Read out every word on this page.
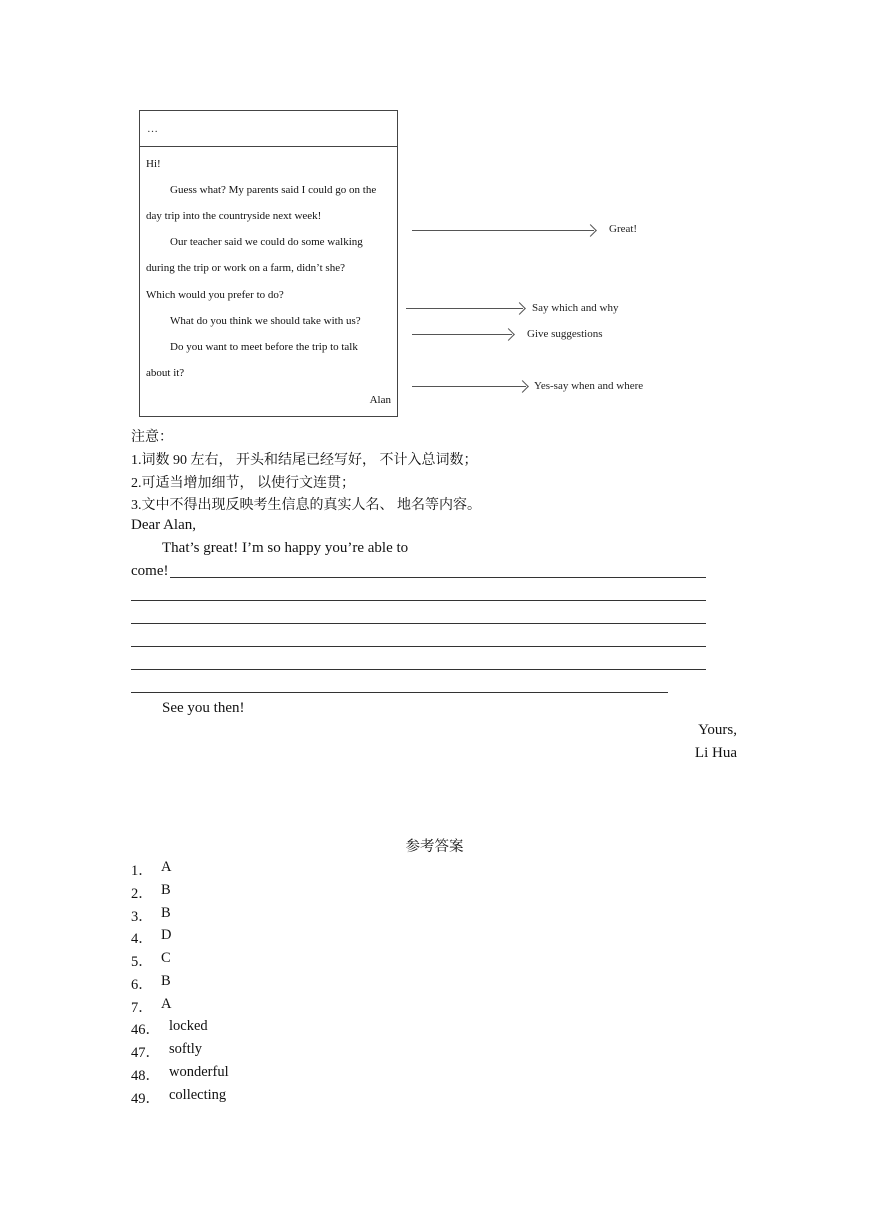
…
Hi!
Guess what? My parents said I could go on the
day trip into the countryside next week!
Our teacher said we could do some walking
during the trip or work on a farm, didn’t she?
Which would you prefer to do?
What do you think we should take with us?
Do you want to meet before the trip to talk
about it?
Alan
Great!
Say which and why
Give suggestions
Yes-say when and where
注意：
1.词数 90 左右， 开头和结尾已经写好， 不计入总词数；
2.可适当增加细节， 以使行文连贯；
3.文中不得出现反映考生信息的真实人名、 地名等内容。
Dear Alan,
That’s great! I’m so happy you’re able to
come!
See you then!
Yours,
Li Hua
参考答案
1． A
2． B
3． B
4． D
5． C
6． B
7． A
46． locked
47． softly
48． wonderful
49． collecting
